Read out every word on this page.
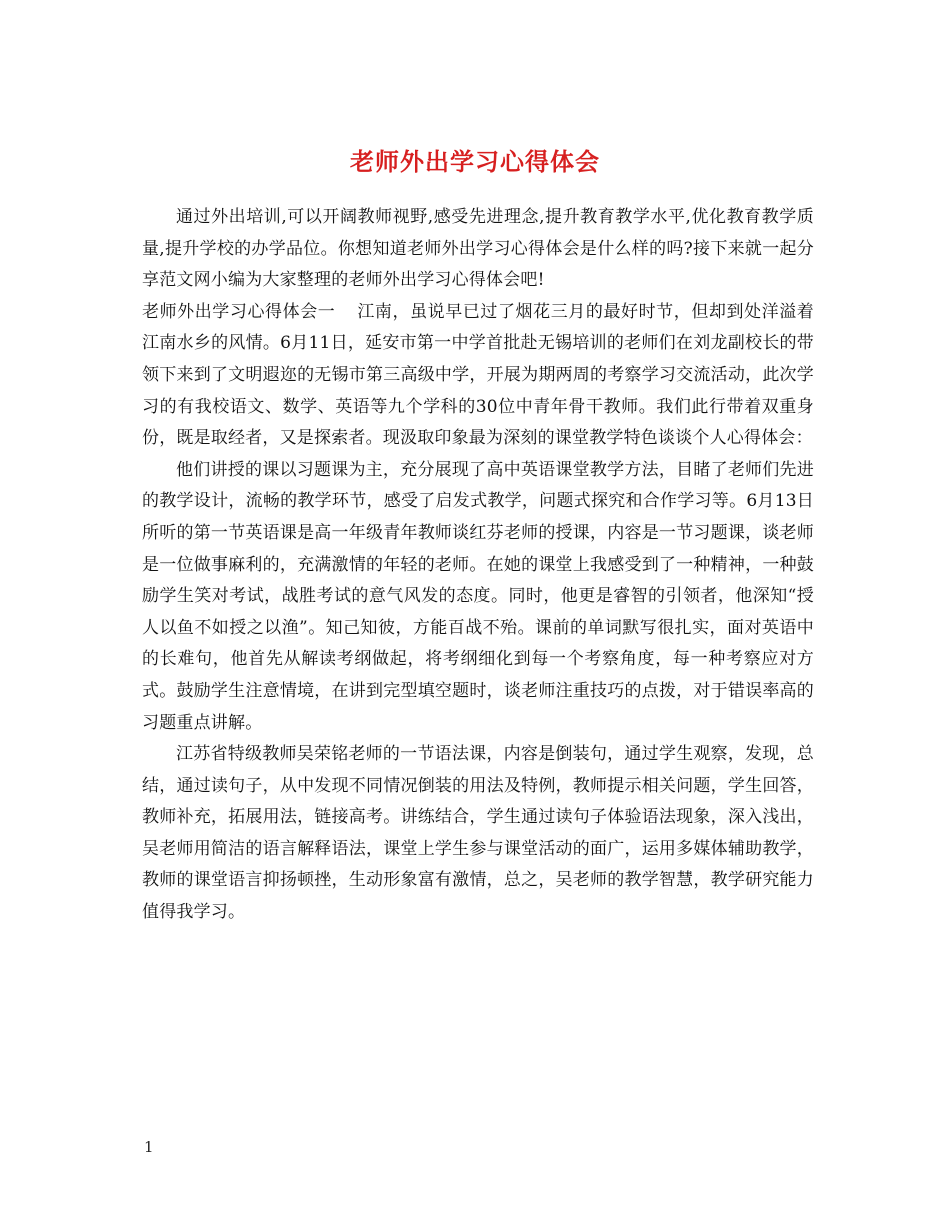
老师外出学习心得体会

通过外出培训,可以开阔教师视野,感受先进理念,提升教育教学水平,优化教育教学质量,提升学校的办学品位。你想知道老师外出学习心得体会是什么样的吗?接下来就一起分享范文网小编为大家整理的老师外出学习心得体会吧!

老师外出学习心得体会一 江南，虽说早已过了烟花三月的最好时节，但却到处洋溢着江南水乡的风情。6月11日，延安市第一中学首批赴无锡培训的老师们在刘龙副校长的带领下来到了文明遐迩的无锡市第三高级中学，开展为期两周的考察学习交流活动，此次学习的有我校语文、数学、英语等九个学科的30位中青年骨干教师。我们此行带着双重身份，既是取经者，又是探索者。现汲取印象最为深刻的课堂教学特色谈谈个人心得体会：

他们讲授的课以习题课为主，充分展现了高中英语课堂教学方法，目睹了老师们先进的教学设计，流畅的教学环节，感受了启发式教学，问题式探究和合作学习等。6月13日所听的第一节英语课是高一年级青年教师谈红芬老师的授课，内容是一节习题课，谈老师是一位做事麻利的，充满激情的年轻的老师。在她的课堂上我感受到了一种精神，一种鼓励学生笑对考试，战胜考试的意气风发的态度。同时，他更是睿智的引领者，他深知“授人以鱼不如授之以渔”。知己知彼，方能百战不殆。课前的单词默写很扎实，面对英语中的长难句，他首先从解读考纲做起，将考纲细化到每一个考察角度，每一种考察应对方式。鼓励学生注意情境，在讲到完型填空题时，谈老师注重技巧的点拨，对于错误率高的习题重点讲解。

江苏省特级教师吴荣铭老师的一节语法课，内容是倒装句，通过学生观察，发现，总结，通过读句子，从中发现不同情况倒装的用法及特例，教师提示相关问题，学生回答，教师补充，拓展用法，链接高考。讲练结合，学生通过读句子体验语法现象，深入浅出，吴老师用简洁的语言解释语法，课堂上学生参与课堂活动的面广，运用多媒体辅助教学，教师的课堂语言抑扬顿挫，生动形象富有激情，总之，吴老师的教学智慧，教学研究能力值得我学习。

1
